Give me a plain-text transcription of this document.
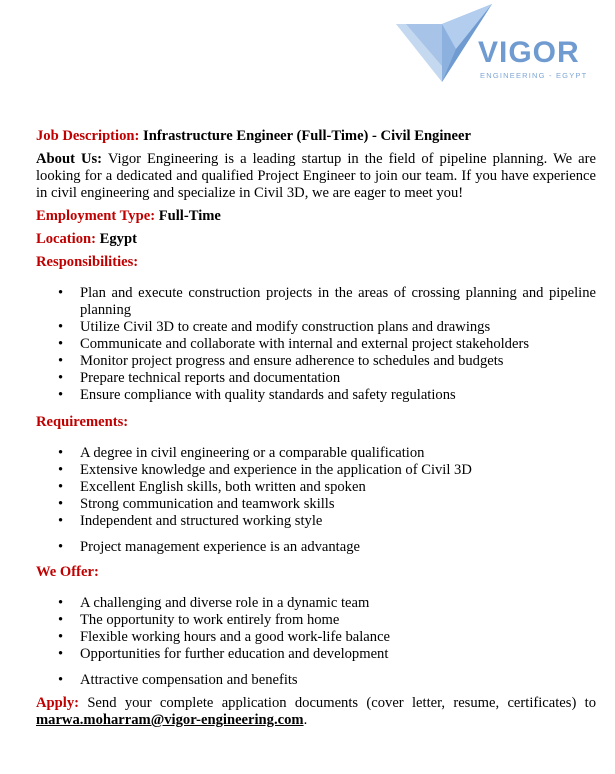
VIGOR
ENGINEERING - EGYPT

Job Description: Infrastructure Engineer (Full-Time) - Civil Engineer

About Us: Vigor Engineering is a leading startup in the field of pipeline planning. We are looking for a dedicated and qualified Project Engineer to join our team. If you have experience in civil engineering and specialize in Civil 3D, we are eager to meet you!

Employment Type: Full-Time

Location: Egypt

Responsibilities:

• Plan and execute construction projects in the areas of crossing planning and pipeline planning
• Utilize Civil 3D to create and modify construction plans and drawings
• Communicate and collaborate with internal and external project stakeholders
• Monitor project progress and ensure adherence to schedules and budgets
• Prepare technical reports and documentation
• Ensure compliance with quality standards and safety regulations

Requirements:

• A degree in civil engineering or a comparable qualification
• Extensive knowledge and experience in the application of Civil 3D
• Excellent English skills, both written and spoken
• Strong communication and teamwork skills
• Independent and structured working style
• Project management experience is an advantage

We Offer:

• A challenging and diverse role in a dynamic team
• The opportunity to work entirely from home
• Flexible working hours and a good work-life balance
• Opportunities for further education and development
• Attractive compensation and benefits

Apply: Send your complete application documents (cover letter, resume, certificates) to marwa.moharram@vigor-engineering.com.
